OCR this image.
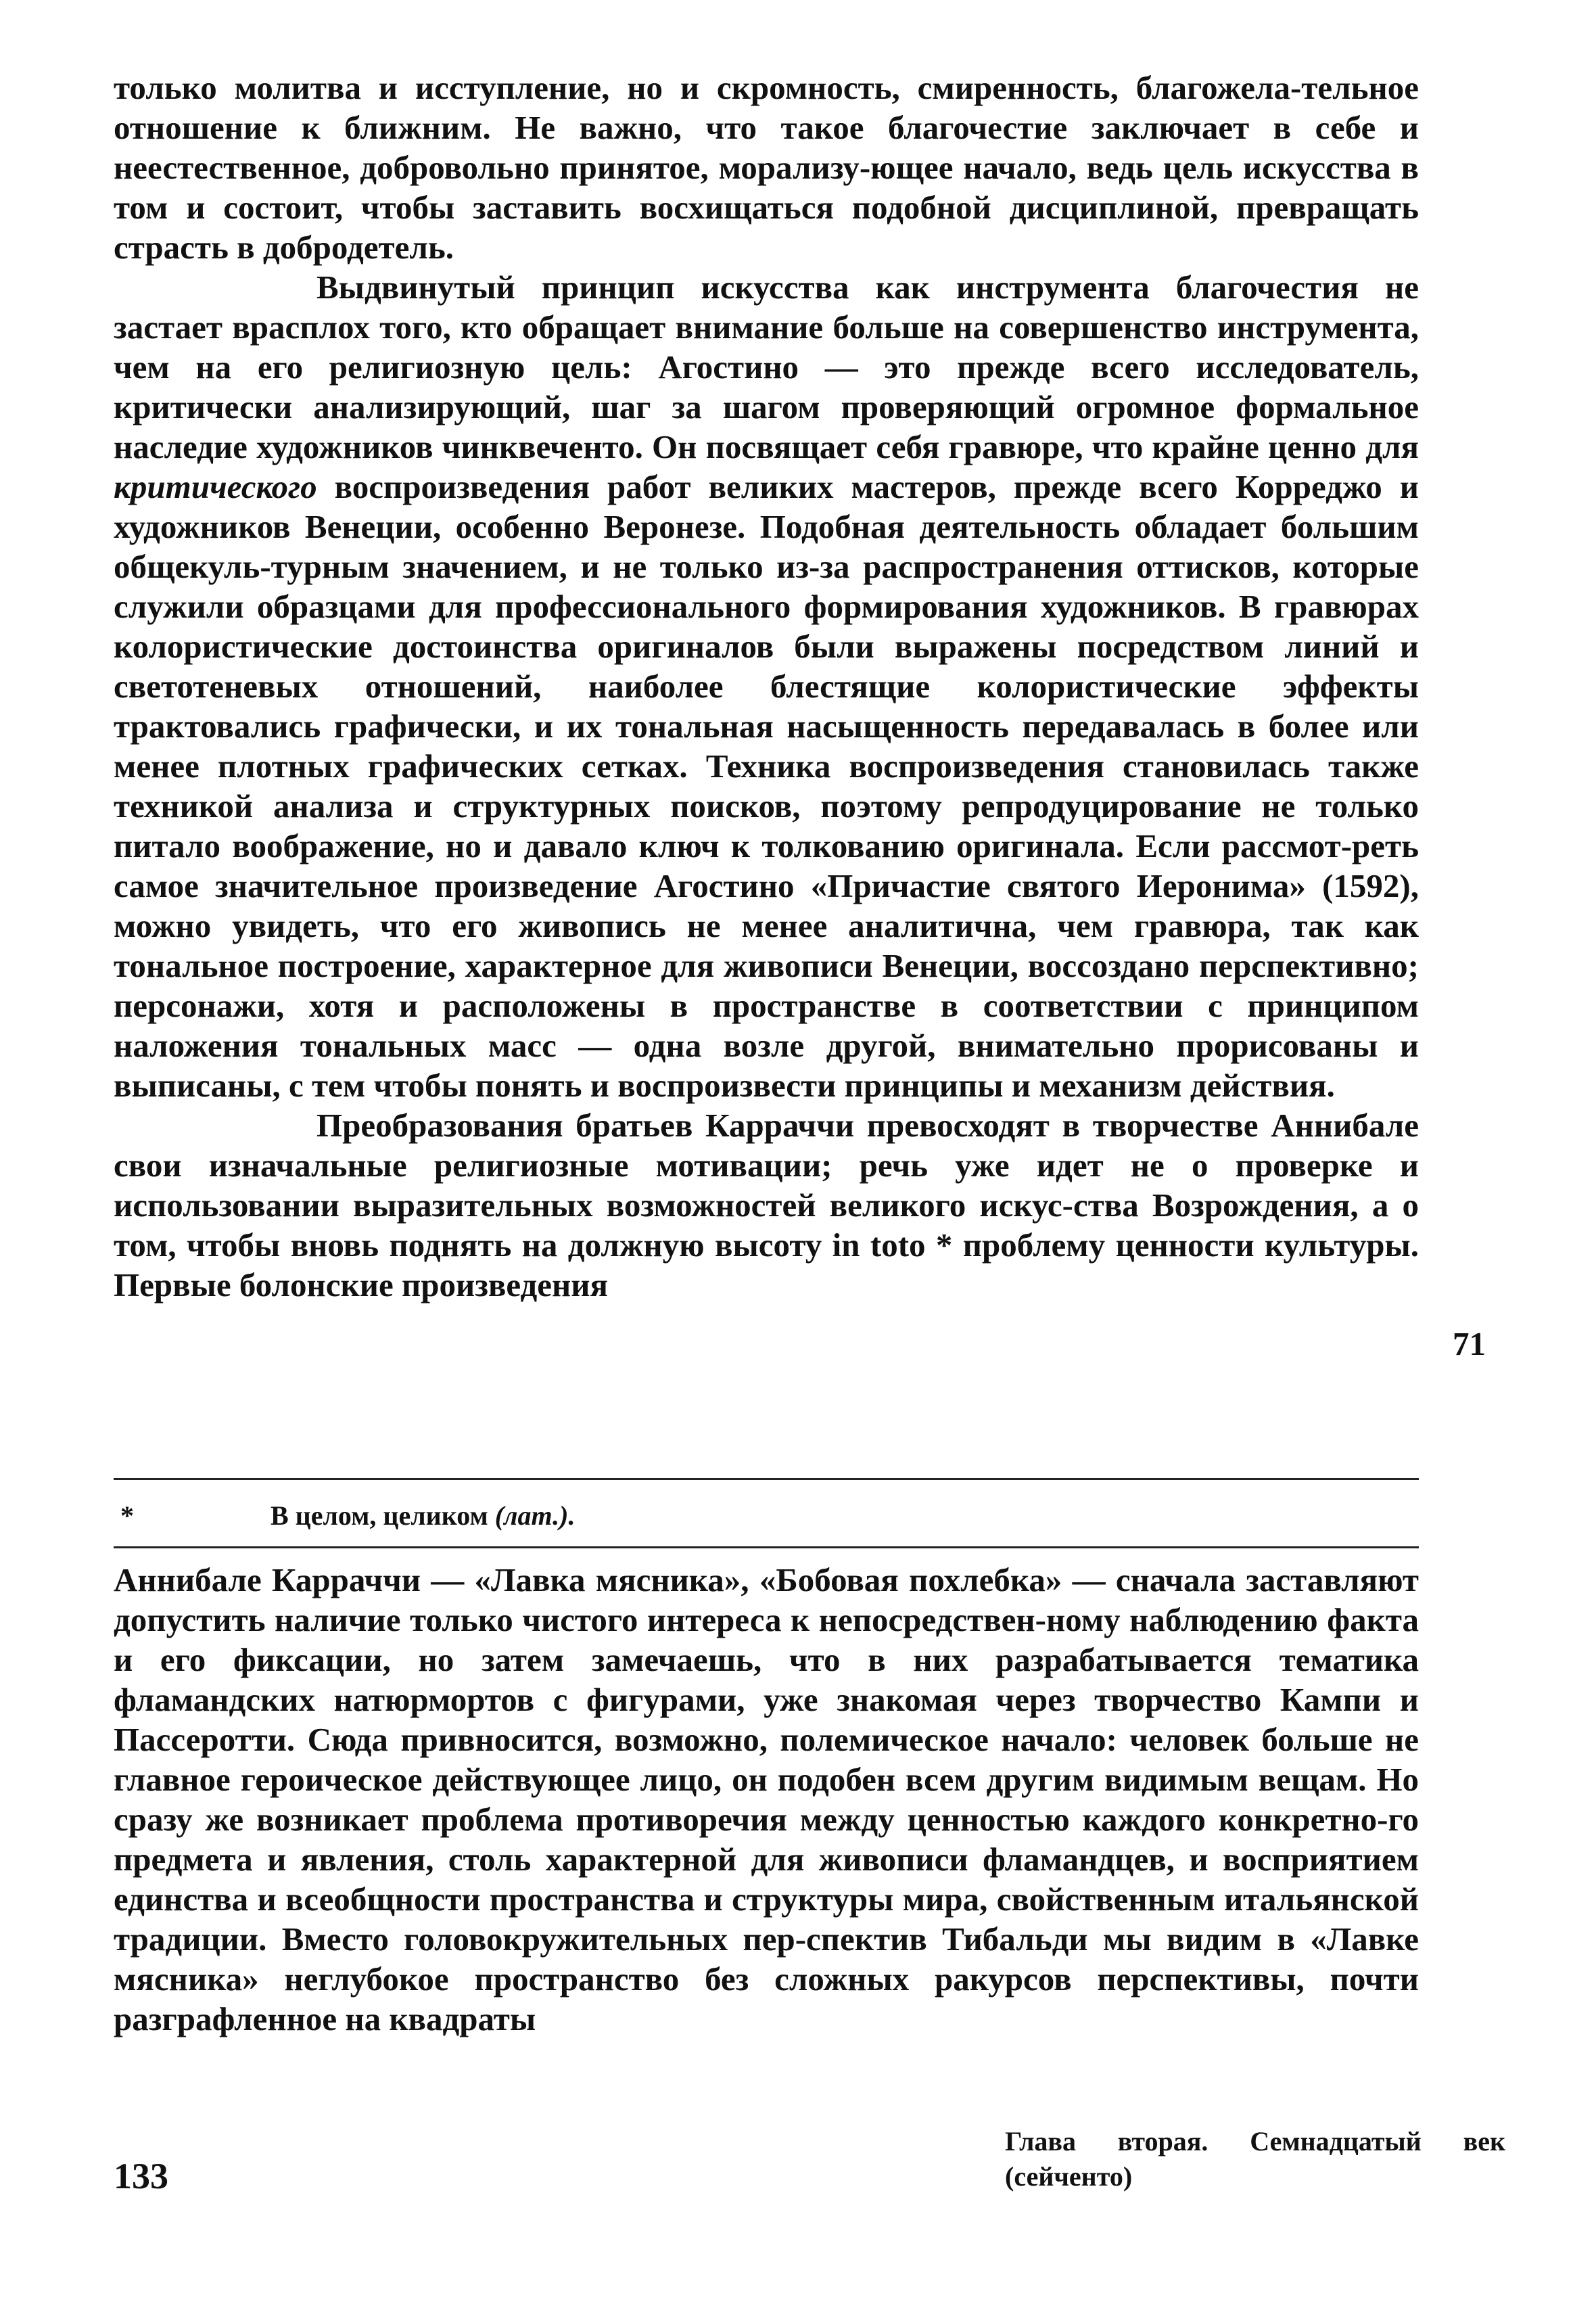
только молитва и исступление, но и скромность, смиренность, благожела-тельное отношение к ближним. Не важно, что такое благочестие заключает в себе и неестественное, добровольно принятое, морализу-ющее начало, ведь цель искусства в том и состоит, чтобы заставить восхищаться подобной дисциплиной, превращать страсть в добродетель.

Выдвинутый принцип искусства как инструмента благочестия не застает врасплох того, кто обращает внимание больше на совершенство инструмента, чем на его религиозную цель: Агостино — это прежде всего исследователь, критически анализирующий, шаг за шагом проверяющий огромное формальное наследие художников чинквеченто. Он посвящает себя гравюре, что крайне ценно для критического воспроизведения работ великих мастеров, прежде всего Корреджо и художников Венеции, особенно Веронезе. Подобная деятельность обладает большим общекуль-турным значением, и не только из-за распространения оттисков, которые служили образцами для профессионального формирования художников. В гравюрах колористические достоинства оригиналов были выражены посредством линий и светотеневых отношений, наиболее блестящие колористические эффекты трактовались графически, и их тональная насыщенность передавалась в более или менее плотных графических сетках. Техника воспроизведения становилась также техникой анализа и структурных поисков, поэтому репродуцирование не только питало воображение, но и давало ключ к толкованию оригинала. Если рассмот-реть самое значительное произведение Агостино «Причастие святого Иеронима» (1592), можно увидеть, что его живопись не менее аналитична, чем гравюра, так как тональное построение, характерное для живописи Венеции, воссоздано перспективно; персонажи, хотя и расположены в пространстве в соответствии с принципом наложения тональных масс — одна возле другой, внимательно прорисованы и выписаны, с тем чтобы понять и воспроизвести принципы и механизм действия.

Преобразования братьев Карраччи превосходят в творчестве Аннибале свои изначальные религиозные мотивации; речь уже идет не о проверке и использовании выразительных возможностей великого искус-ства Возрождения, а о том, чтобы вновь поднять на должную высоту in toto * проблему ценности культуры. Первые болонские произведения

71
*	В целом, целиком (лат.).

Аннибале Карраччи — «Лавка мясника», «Бобовая похлебка» — сначала заставляют допустить наличие только чистого интереса к непосредствен-ному наблюдению факта и его фиксации, но затем замечаешь, что в них разрабатывается тематика фламандских натюрмортов с фигурами, уже знакомая через творчество Кампи и Пассеротти. Сюда привносится, возможно, полемическое начало: человек больше не главное героическое действующее лицо, он подобен всем другим видимым вещам. Но сразу же возникает проблема противоречия между ценностью каждого конкретно-го предмета и явления, столь характерной для живописи фламандцев, и восприятием единства и всеобщности пространства и структуры мира, свойственным итальянской традиции. Вместо головокружительных пер-спектив Тибальди мы видим в «Лавке мясника» неглубокое пространство без сложных ракурсов перспективы, почти разграфленное на квадраты

133
Глава вторая. Семнадцатый век (сейченто)
